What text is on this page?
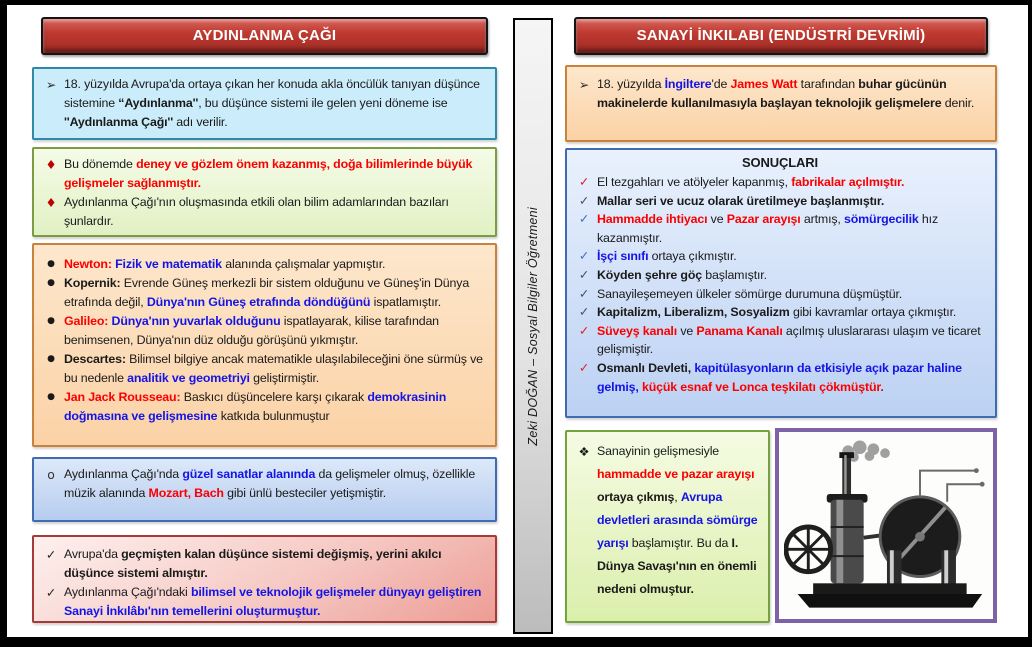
AYDINLANMA ÇAĞI
➢ 18. yüzyılda Avrupa'da ortaya çıkan her konuda akla öncülük tanıyan düşünce sistemine “Aydınlanma'', bu düşünce sistemi ile gelen yeni döneme ise ''Aydınlanma Çağı'' adı verilir.
♦ Bu dönemde deney ve gözlem önem kazanmış, doğa bilimlerinde büyük gelişmeler sağlanmıştır.
♦ Aydınlanma Çağı'nın oluşmasında etkili olan bilim adamlarından bazıları şunlardır.
● Newton: Fizik ve matematik alanında çalışmalar yapmıştır.
● Kopernik: Evrende Güneş merkezli bir sistem olduğunu ve Güneş'in Dünya etrafında değil, Dünya'nın Güneş etrafında döndüğünü ispatlamıştır.
● Galileo: Dünya'nın yuvarlak olduğunu ispatlayarak, kilise tarafından benimsenen, Dünya'nın düz olduğu görüşünü yıkmıştır.
● Descartes: Bilimsel bilgiye ancak matematikle ulaşılabileceğini öne sürmüş ve bu nedenle analitik ve geometriyi geliştirmiştir.
● Jan Jack Rousseau: Baskıcı düşüncelere karşı çıkarak demokrasinin doğmasına ve gelişmesine katkıda bulunmuştur
o Aydınlanma Çağı'nda güzel sanatlar alanında da gelişmeler olmuş, özellikle müzik alanında Mozart, Bach gibi ünlü besteciler yetişmiştir.
✓ Avrupa'da geçmişten kalan düşünce sistemi değişmiş, yerini akılcı düşünce sistemi almıştır.
✓ Aydınlanma Çağı'ndaki bilimsel ve teknolojik gelişmeler dünyayı geliştiren Sanayi İnkılâbı'nın temellerini oluşturmuştur.
Zeki DOĞAN – Sosyal Bilgiler Öğretmeni
SANAYİ İNKILABI (ENDÜSTRİ DEVRİMİ)
➢ 18. yüzyılda İngiltere'de James Watt tarafından buhar gücünün makinelerde kullanılmasıyla başlayan teknolojik gelişmelere denir.
SONUÇLARI
✓ El tezgahları ve atölyeler kapanmış, fabrikalar açılmıştır.
✓ Mallar seri ve ucuz olarak üretilmeye başlanmıştır.
✓ Hammadde ihtiyacı ve Pazar arayışı artmış, sömürgecilik hız kazanmıştır.
✓ İşçi sınıfı ortaya çıkmıştır.
✓ Köyden şehre göç başlamıştır.
✓ Sanayileşemeyen ülkeler sömürge durumuna düşmüştür.
✓ Kapitalizm, Liberalizm, Sosyalizm gibi kavramlar ortaya çıkmıştır.
✓ Süveyş kanalı ve Panama Kanalı açılmış uluslararası ulaşım ve ticaret gelişmiştir.
✓ Osmanlı Devleti, kapitülasyonların da etkisiyle açık pazar haline gelmiş, küçük esnaf ve Lonca teşkilatı çökmüştür.
❖ Sanayinin gelişmesiyle hammadde ve pazar arayışı ortaya çıkmış, Avrupa devletleri arasında sömürge yarışı başlamıştır. Bu da I. Dünya Savaşı'nın en önemli nedeni olmuştur.
